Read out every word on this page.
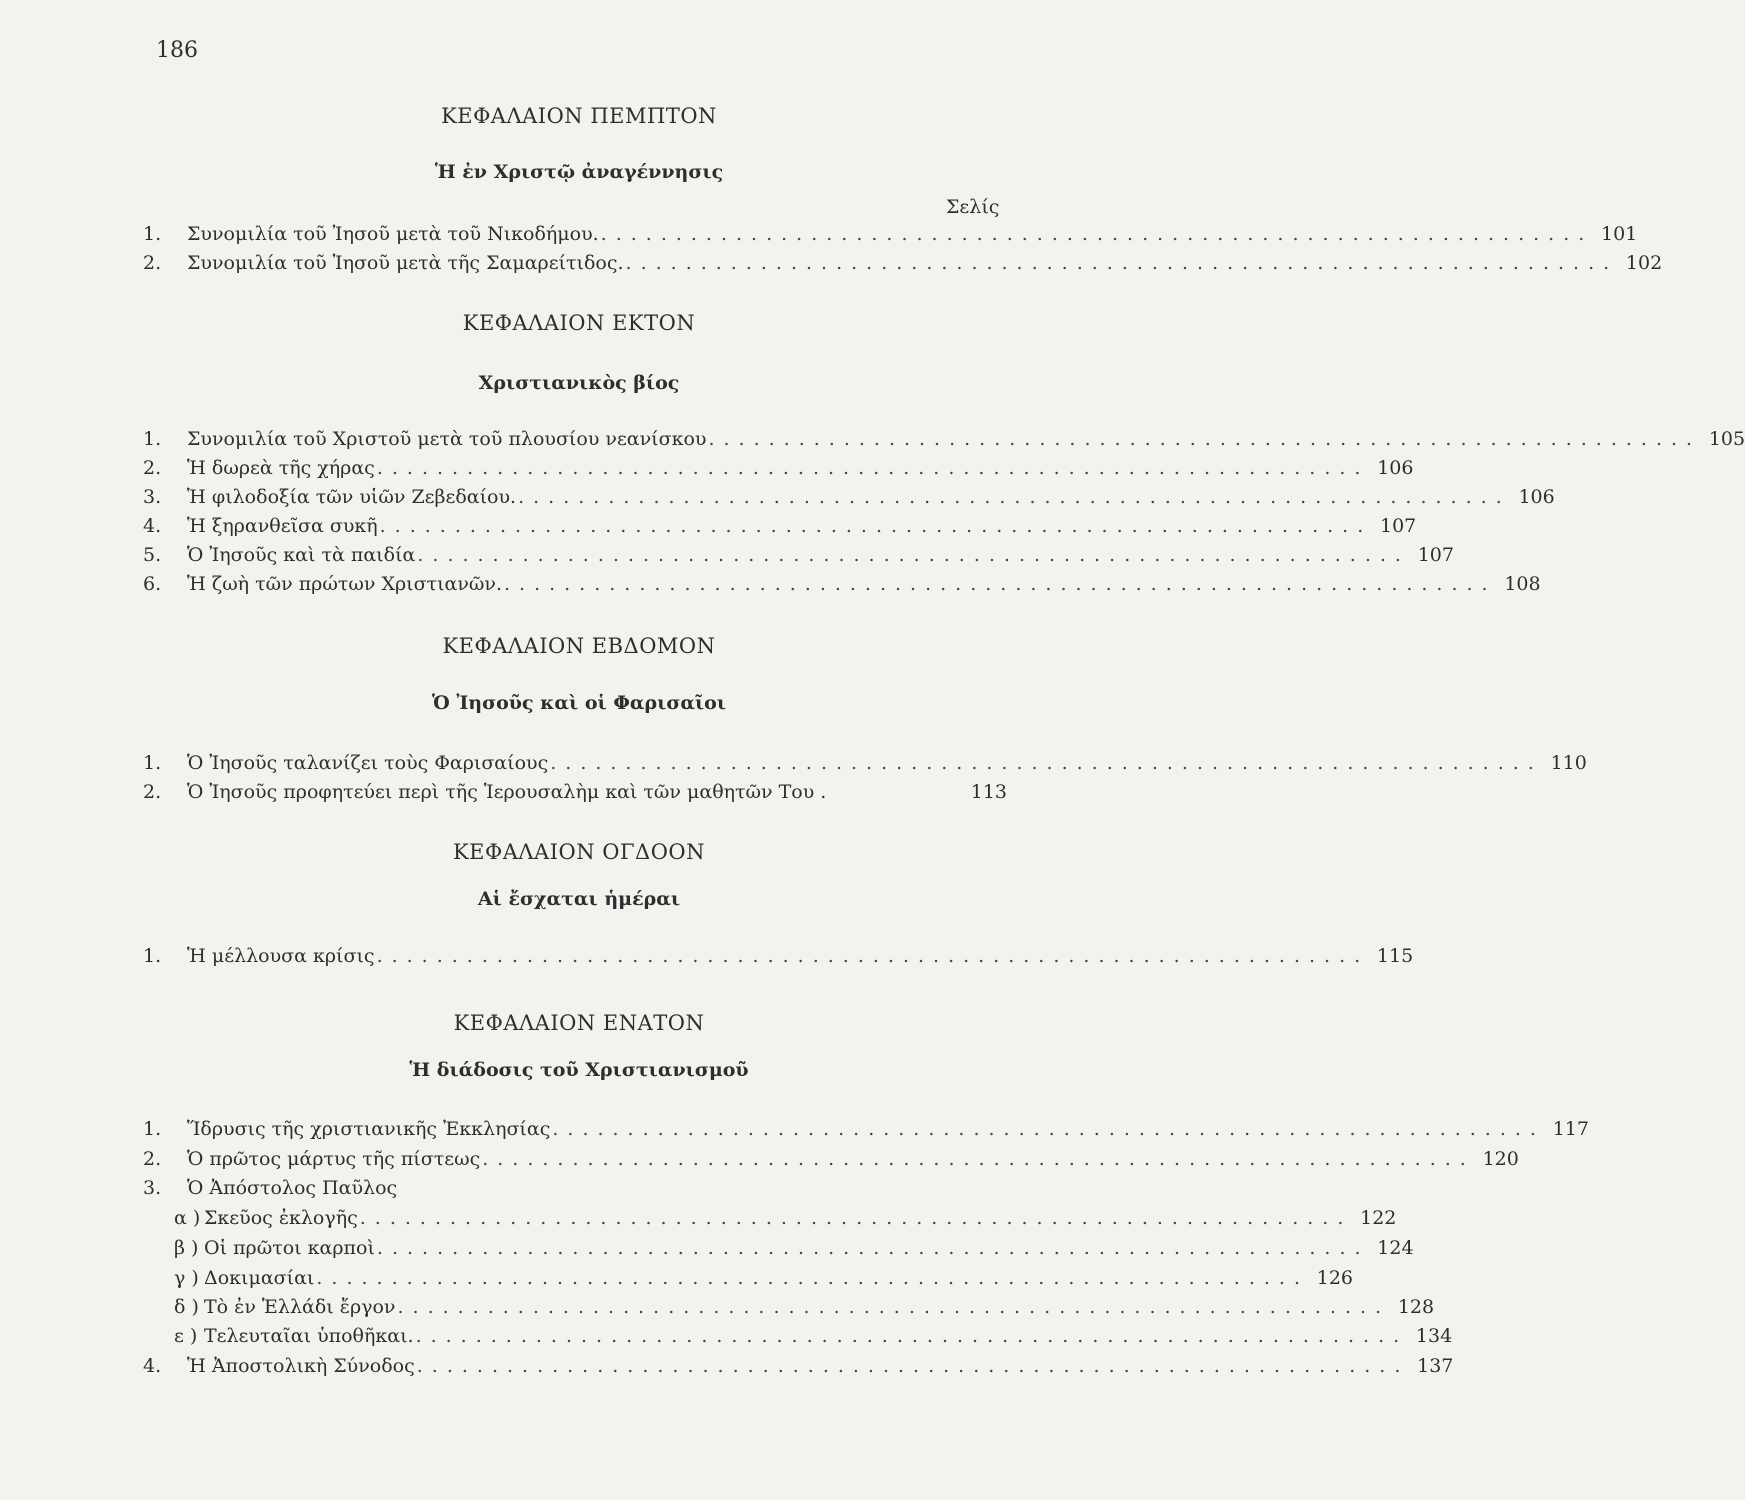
186
ΚΕΦΑΛΑΙΟΝ ΠΕΜΠΤΟΝ
Ἡ ἐν Χριστῷ ἀναγέννησις
Σελίς
1.	Συνομιλία τοῦ Ἰησοῦ μετὰ τοῦ Νικοδήμου. .................................................................. 101
2.	Συνομιλία τοῦ Ἰησοῦ μετὰ τῆς Σαμαρείτιδος. .................................................................. 102
ΚΕΦΑΛΑΙΟΝ ΕΚΤΟΝ
Χριστιανικὸς βίος
1.	Συνομιλία τοῦ Χριστοῦ μετὰ τοῦ πλουσίου νεανίσκου .................................................................. 105
2.	Ἡ δωρεὰ τῆς χήρας .................................................................. 106
3.	Ἡ φιλοδοξία τῶν υἱῶν Ζεβεδαίου. .................................................................. 106
4.	Ἡ ξηρανθεῖσα συκῆ .................................................................. 107
5.	Ὁ Ἰησοῦς καὶ τὰ παιδία .................................................................. 107
6.	Ἡ ζωὴ τῶν πρώτων Χριστιανῶν. .................................................................. 108
ΚΕΦΑΛΑΙΟΝ ΕΒΔΟΜΟΝ
Ὁ Ἰησοῦς καὶ οἱ Φαρισαῖοι
1.	Ὁ Ἰησοῦς ταλανίζει τοὺς Φαρισαίους .................................................................. 110
2.	Ὁ Ἰησοῦς προφητεύει περὶ τῆς Ἱερουσαλὴμ καὶ τῶν μαθητῶν Του .	113
ΚΕΦΑΛΑΙΟΝ ΟΓΔΟΟΝ
Αἱ ἔσχαται ἡμέραι
1.	Ἡ μέλλουσα κρίσις .................................................................. 115
ΚΕΦΑΛΑΙΟΝ ΕΝΑΤΟΝ
Ἡ διάδοσις τοῦ Χριστιανισμοῦ
1.	Ἵδρυσις τῆς χριστιανικῆς Ἐκκλησίας .................................................................. 117
2.	Ὁ πρῶτος μάρτυς τῆς πίστεως .................................................................. 120
3.	Ὁ Ἀπόστολος Παῦλος
α ) Σκεῦος ἐκλογῆς .................................................................. 122
β ) Οἱ πρῶτοι καρποὶ .................................................................. 124
γ ) Δοκιμασίαι .................................................................. 126
δ ) Τὸ ἐν Ἑλλάδι ἔργον .................................................................. 128
ε ) Τελευταῖαι ὑποθῆκαι. .................................................................. 134
4.	Ἡ Ἀποστολικὴ Σύνοδος .................................................................. 137
